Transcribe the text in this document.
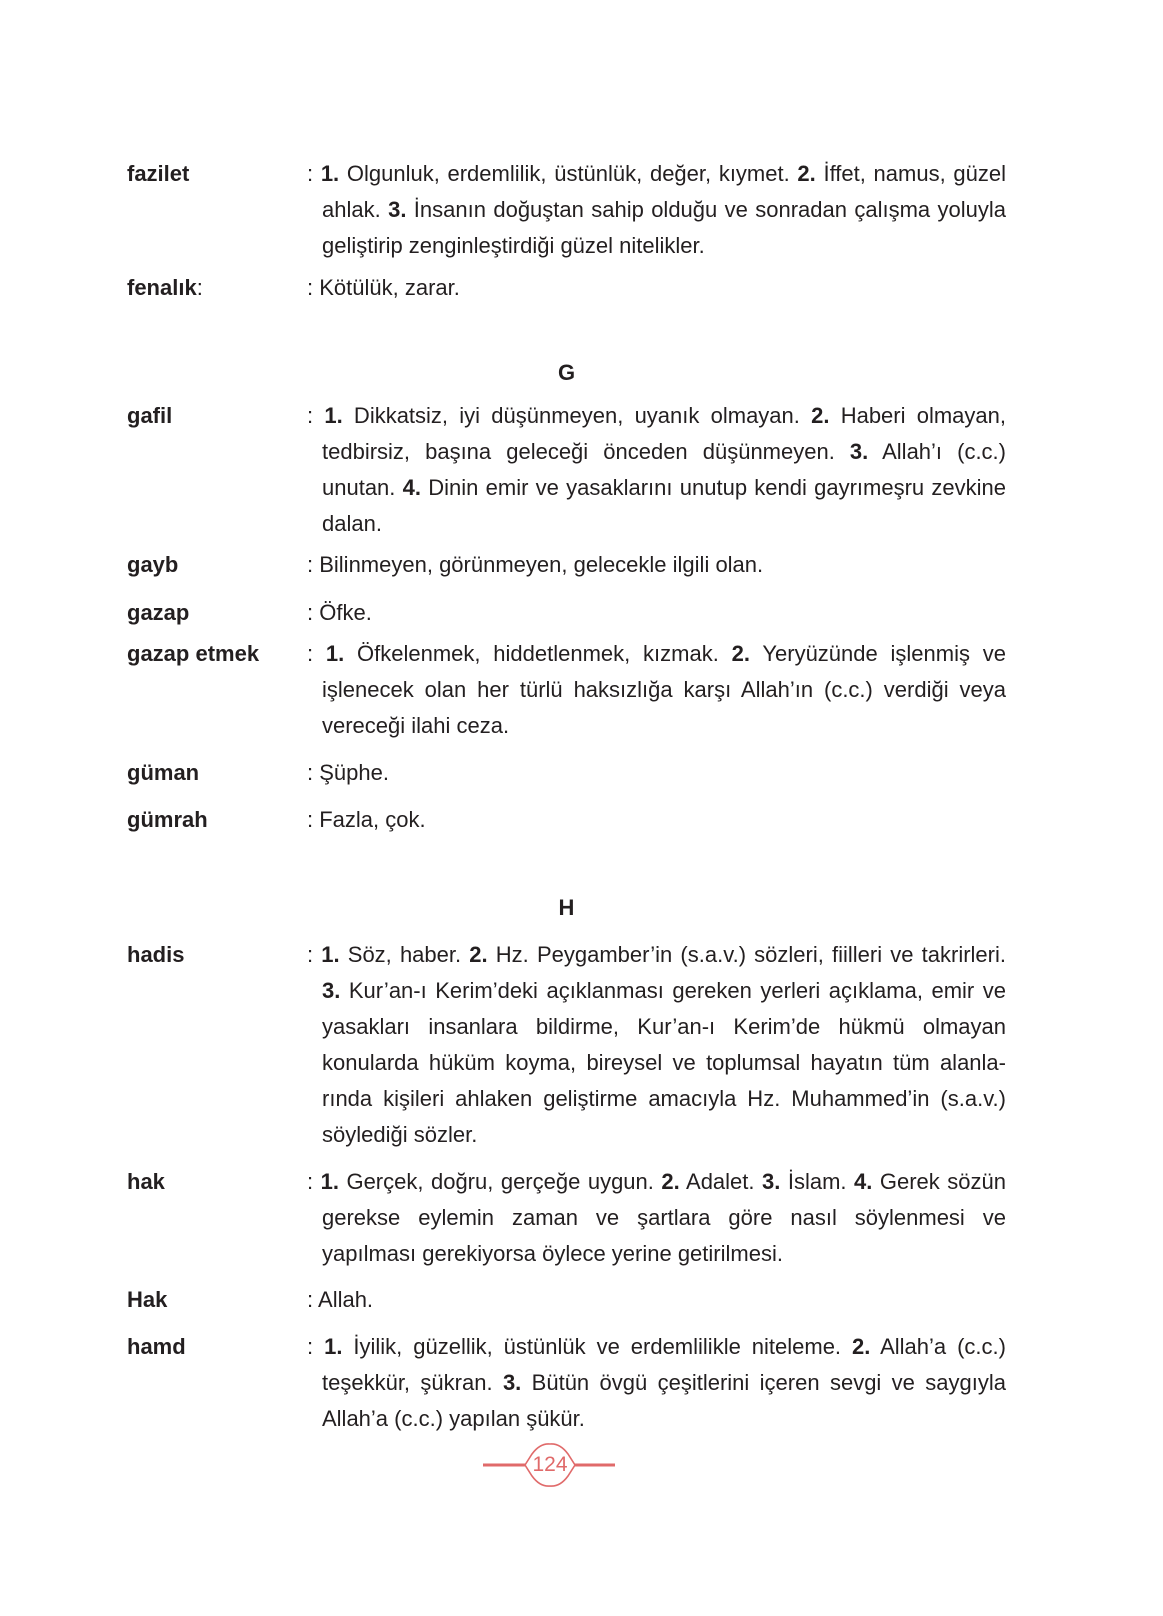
fazilet	: 1. Olgunluk, erdemlilik, üstünlük, değer, kıymet. 2. İffet, namus, güzel ahlak. 3. İnsanın doğuştan sahip olduğu ve sonradan çalışma yoluyla geliştirip zenginleştirdiği güzel nitelikler.
fenalık:	: Kötülük, zarar.
G
gafil	: 1. Dikkatsiz, iyi düşünmeyen, uyanık olmayan. 2. Haberi olmayan, tedbirsiz, başına geleceği önceden düşünmeyen. 3. Allah’ı (c.c.) unutan. 4. Dinin emir ve yasaklarını unutup kendi gayrımeşru zevkine dalan.
gayb	: Bilinmeyen, görünmeyen, gelecekle ilgili olan.
gazap	: Öfke.
gazap etmek : 1. Öfkelenmek, hiddetlenmek, kızmak. 2. Yeryüzünde işlenmiş ve işlenecek olan her türlü haksızlığa karşı Allah’ın (c.c.) verdiği veya vereceği ilahi ceza.
güman	: Şüphe.
gümrah	: Fazla, çok.
H
hadis	: 1. Söz, haber. 2. Hz. Peygamber’in (s.a.v.) sözleri, fiilleri ve takrirleri. 3. Kur’an-ı Kerim’deki açıklanması gereken yerleri açıklama, emir ve yasakları insanlara bildirme, Kur’an-ı Kerim’de hükmü olmayan konularda hüküm koyma, bireysel ve toplumsal hayatın tüm alanlarında kişileri ahlaken geliştirme amacıyla Hz. Muhammed’in (s.a.v.) söylediği sözler.
hak	: 1. Gerçek, doğru, gerçeğe uygun. 2. Adalet. 3. İslam. 4. Gerek sözün gerekse eylemin zaman ve şartlara göre nasıl söylenmesi ve yapılması gerekiyorsa öylece yerine getirilmesi.
Hak	: Allah.
hamd	: 1. İyilik, güzellik, üstünlük ve erdemlilikle niteleme. 2. Allah’a (c.c.) teşekkür, şükran. 3. Bütün övgü çeşitlerini içeren sevgi ve saygıyla Allah’a (c.c.) yapılan şükür.
124
